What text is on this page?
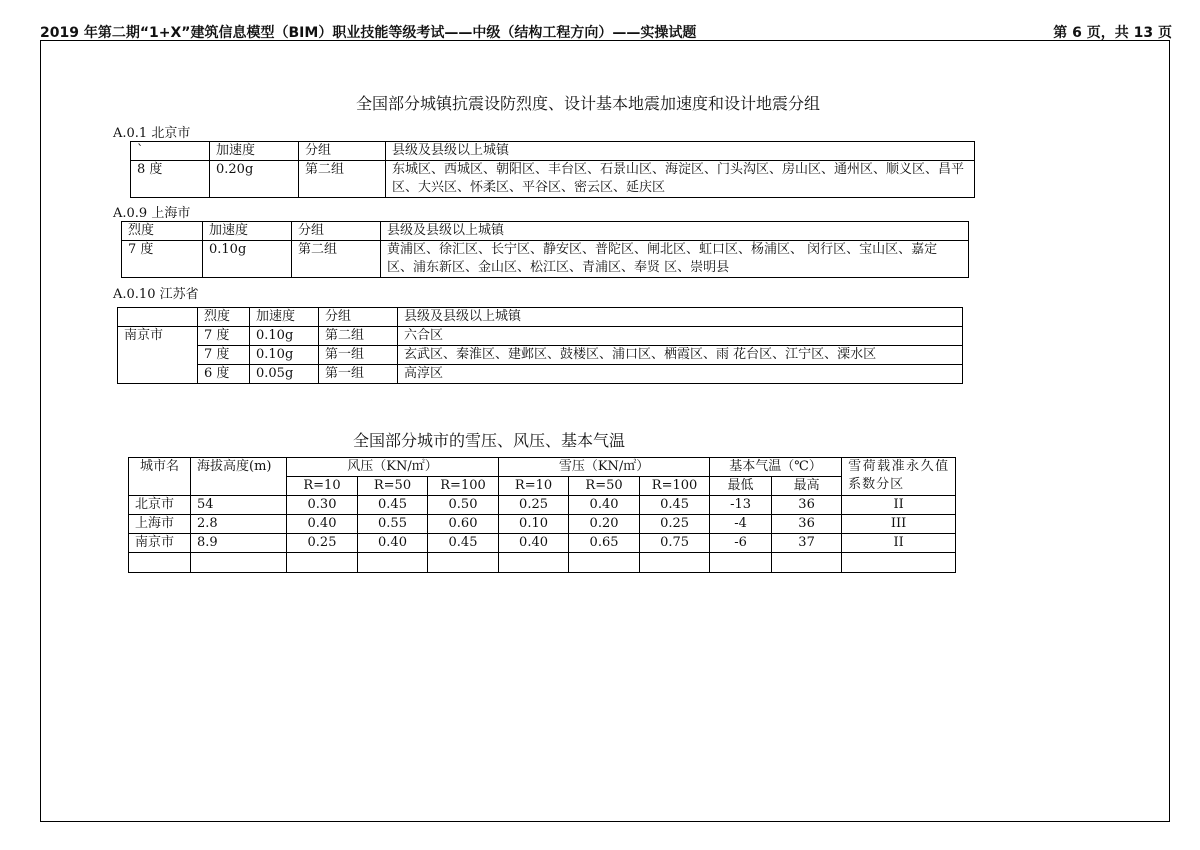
2019 年第二期“1+X”建筑信息模型（BIM）职业技能等级考试——中级（结构工程方向）——实操试题	第 6 页，共 13 页
全国部分城镇抗震设防烈度、设计基本地震加速度和设计地震分组
A.0.1 北京市
`	加速度	分组	县级及县级以上城镇
8 度	0.20g	第二组	东城区、西城区、朝阳区、丰台区、石景山区、海淀区、门头沟区、房山区、通州区、顺义区、昌平区、大兴区、怀柔区、平谷区、密云区、延庆区
A.0.9 上海市
烈度	加速度	分组	县级及县级以上城镇
7 度	0.10g	第二组	黄浦区、徐汇区、长宁区、静安区、普陀区、闸北区、虹口区、杨浦区、 闵行区、宝山区、嘉定区、浦东新区、金山区、松江区、青浦区、奉贤 区、崇明县
A.0.10 江苏省
	烈度	加速度	分组	县级及县级以上城镇
南京市	7 度	0.10g	第二组	六合区
	7 度	0.10g	第一组	玄武区、秦淮区、建邺区、鼓楼区、浦口区、栖霞区、雨 花台区、江宁区、溧水区
	6 度	0.05g	第一组	高淳区
全国部分城市的雪压、风压、基本气温
城市名	海拔高度(m)	风压（KN/㎡）			雪压（KN/㎡）			基本气温（℃）		雪荷载准永久值系数分区
		R=10	R=50	R=100	R=10	R=50	R=100	最低	最高	
北京市	54	0.30	0.45	0.50	0.25	0.40	0.45	-13	36	II
上海市	2.8	0.40	0.55	0.60	0.10	0.20	0.25	-4	36	III
南京市	8.9	0.25	0.40	0.45	0.40	0.65	0.75	-6	37	II
